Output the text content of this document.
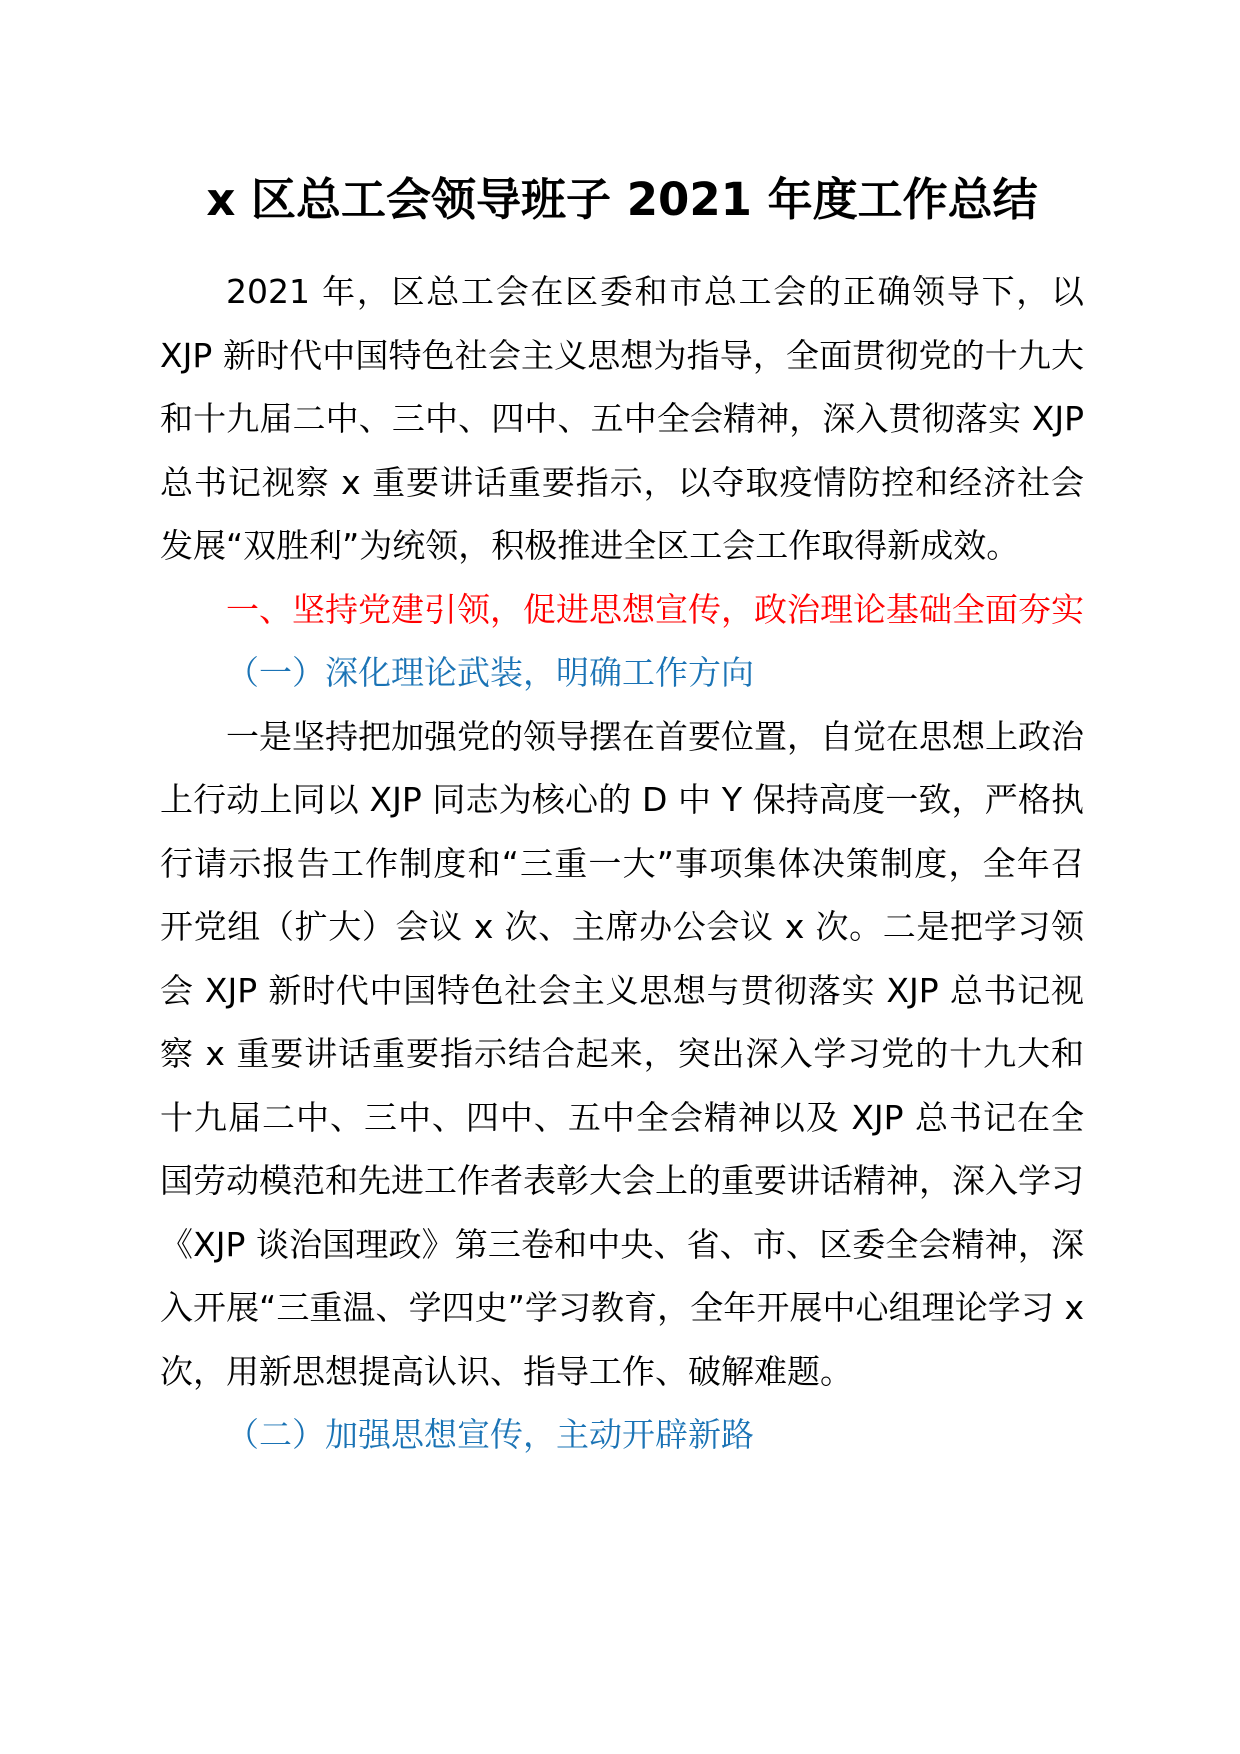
x 区总工会领导班子 2021 年度工作总结

2021 年，区总工会在区委和市总工会的正确领导下，以 XJP 新时代中国特色社会主义思想为指导，全面贯彻党的十九大和十九届二中、三中、四中、五中全会精神，深入贯彻落实 XJP 总书记视察 x 重要讲话重要指示，以夺取疫情防控和经济社会发展“双胜利”为统领，积极推进全区工会工作取得新成效。

一、坚持党建引领，促进思想宣传，政治理论基础全面夯实

（一）深化理论武装，明确工作方向

一是坚持把加强党的领导摆在首要位置，自觉在思想上政治上行动上同以 XJP 同志为核心的 D 中 Y 保持高度一致，严格执行请示报告工作制度和“三重一大”事项集体决策制度，全年召开党组（扩大）会议 x 次、主席办公会议 x 次。二是把学习领会 XJP 新时代中国特色社会主义思想与贯彻落实 XJP 总书记视察 x 重要讲话重要指示结合起来，突出深入学习党的十九大和十九届二中、三中、四中、五中全会精神以及 XJP 总书记在全国劳动模范和先进工作者表彰大会上的重要讲话精神，深入学习《XJP 谈治国理政》第三卷和中央、省、市、区委全会精神，深入开展“三重温、学四史”学习教育，全年开展中心组理论学习 x 次，用新思想提高认识、指导工作、破解难题。

（二）加强思想宣传，主动开辟新路
